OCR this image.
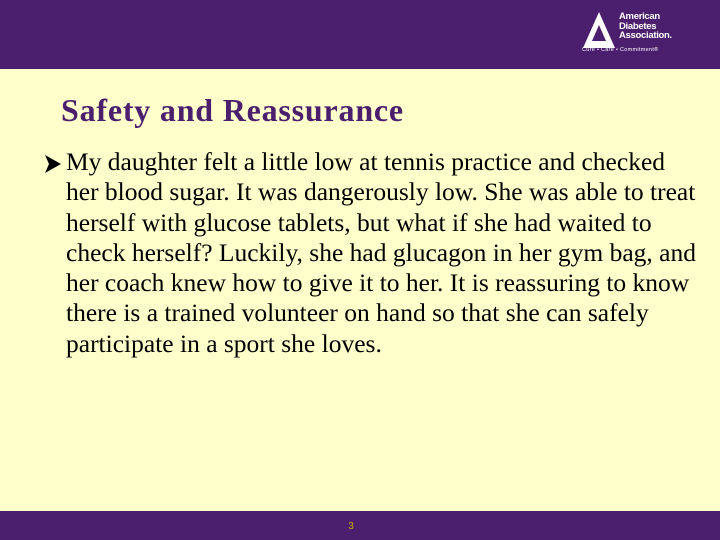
American
Diabetes
Association.
Cure • Care • Commitment®
Safety and Reassurance

My daughter felt a little low at tennis practice and checked her blood sugar. It was dangerously low. She was able to treat herself with glucose tablets, but what if she had waited to check herself? Luckily, she had glucagon in her gym bag, and her coach knew how to give it to her. It is reassuring to know there is a trained volunteer on hand so that she can safely participate in a sport she loves.

3
